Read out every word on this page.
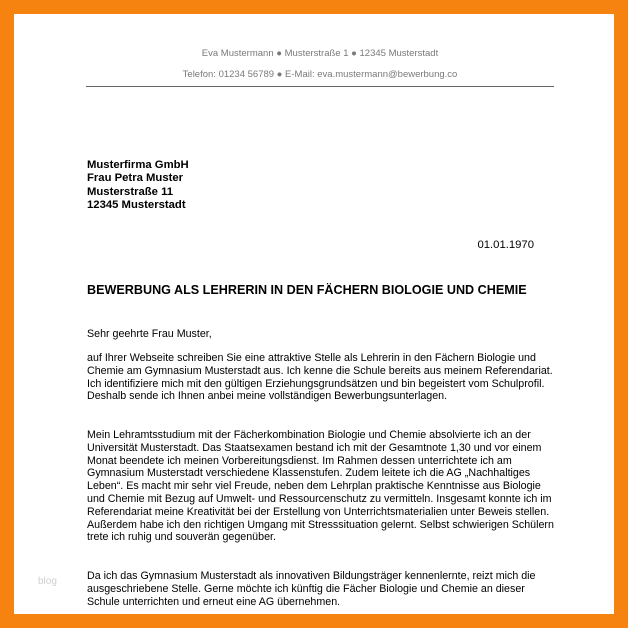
Eva Mustermann ● Musterstraße 1 ● 12345 Musterstadt
Telefon: 01234 56789 ● E-Mail: eva.mustermann@bewerbung.co
Musterfirma GmbH
Frau Petra Muster
Musterstraße 11
12345 Musterstadt
01.01.1970
BEWERBUNG ALS LEHRERIN IN DEN FÄCHERN BIOLOGIE UND CHEMIE
Sehr geehrte Frau Muster,
auf Ihrer Webseite schreiben Sie eine attraktive Stelle als Lehrerin in den Fächern Biologie und Chemie am Gymnasium Musterstadt aus. Ich kenne die Schule bereits aus meinem Referendariat. Ich identifiziere mich mit den gültigen Erziehungsgrundsätzen und bin begeistert vom Schulprofil. Deshalb sende ich Ihnen anbei meine vollständigen Bewerbungsunterlagen.
Mein Lehramtsstudium mit der Fächerkombination Biologie und Chemie absolvierte ich an der Universität Musterstadt. Das Staatsexamen bestand ich mit der Gesamtnote 1,30 und vor einem Monat beendete ich meinen Vorbereitungsdienst. Im Rahmen dessen unterrichtete ich am Gymnasium Musterstadt verschiedene Klassenstufen. Zudem leitete ich die AG „Nachhaltiges Leben“. Es macht mir sehr viel Freude, neben dem Lehrplan praktische Kenntnisse aus Biologie und Chemie mit Bezug auf Umwelt- und Ressourcenschutz zu vermitteln. Insgesamt konnte ich im Referendariat meine Kreativität bei der Erstellung von Unterrichtsmaterialien unter Beweis stellen. Außerdem habe ich den richtigen Umgang mit Stresssituation gelernt. Selbst schwierigen Schülern trete ich ruhig und souverän gegenüber.
Da ich das Gymnasium Musterstadt als innovativen Bildungsträger kennenlernte, reizt mich die ausgeschriebene Stelle. Gerne möchte ich künftig die Fächer Biologie und Chemie an dieser Schule unterrichten und erneut eine AG übernehmen.
blog
